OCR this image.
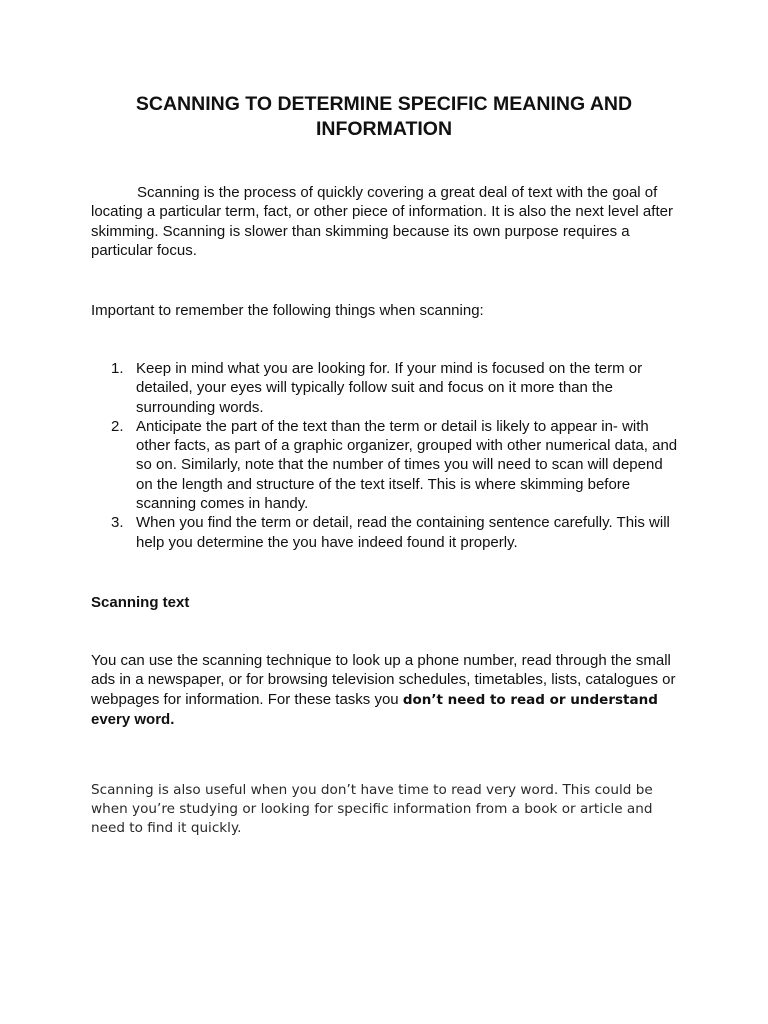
SCANNING TO DETERMINE SPECIFIC MEANING AND INFORMATION

Scanning is the process of quickly covering a great deal of text with the goal of locating a particular term, fact, or other piece of information. It is also the next level after skimming. Scanning is slower than skimming because its own purpose requires a particular focus.

Important to remember the following things when scanning:

1. Keep in mind what you are looking for. If your mind is focused on the term or detailed, your eyes will typically follow suit and focus on it more than the surrounding words.
2. Anticipate the part of the text than the term or detail is likely to appear in- with other facts, as part of a graphic organizer, grouped with other numerical data, and so on. Similarly, note that the number of times you will need to scan will depend on the length and structure of the text itself. This is where skimming before scanning comes in handy.
3. When you find the term or detail, read the containing sentence carefully. This will help you determine the you have indeed found it properly.
Scanning text

You can use the scanning technique to look up a phone number, read through the small ads in a newspaper, or for browsing television schedules, timetables, lists, catalogues or webpages for information. For these tasks you don’t need to read or understand
every word.

Scanning is also useful when you don’t have time to read very word. This could be when you’re studying or looking for specific information from a book or article and need to find it quickly.
